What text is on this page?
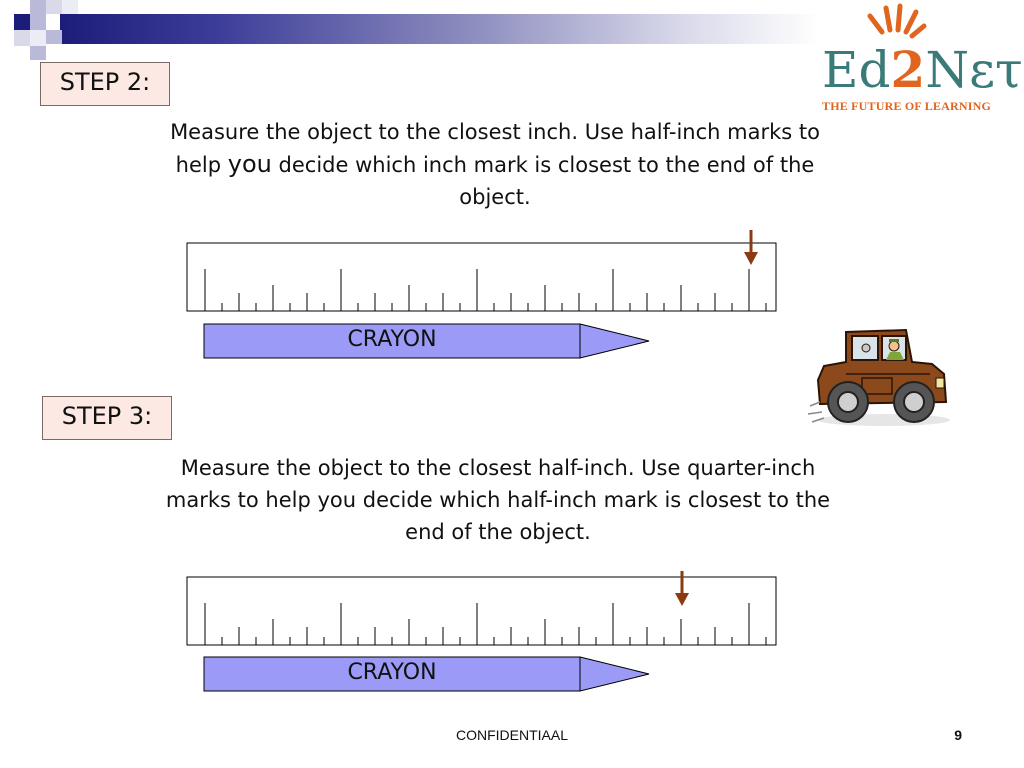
Ed2Nετ
THE FUTURE OF LEARNING
STEP 2:
Measure the object to the closest inch. Use half-inch marks to help you decide which inch mark is closest to the end of the object.
CRAYON
STEP 3:
Measure the object to the closest half-inch. Use quarter-inch marks to help you decide which half-inch mark is closest to the end of the object.
CRAYON
CONFIDENTIAAL	9
